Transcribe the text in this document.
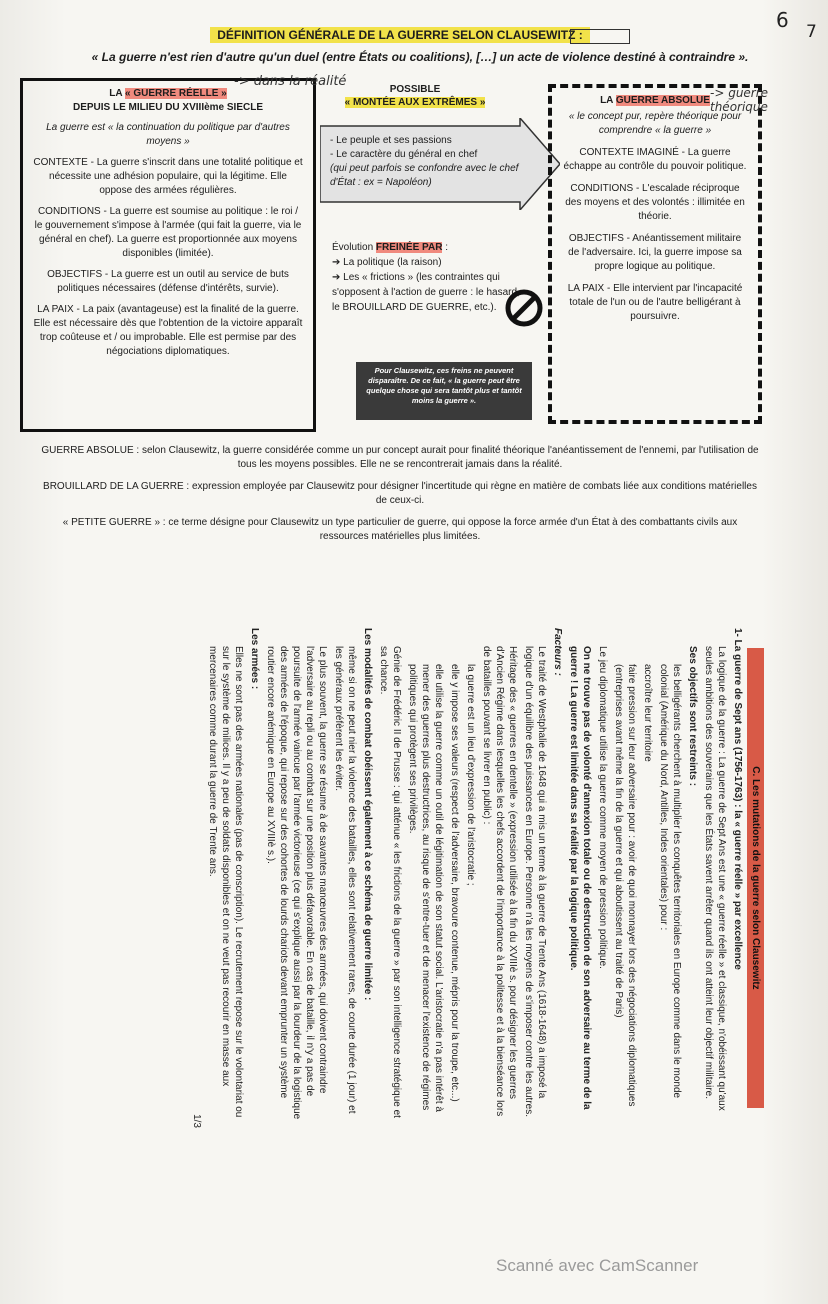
6 7
DÉFINITION GÉNÉRALE DE LA GUERRE SELON CLAUSEWITZ :
« La guerre n'est rien d'autre qu'un duel (entre États ou coalitions), […] un acte de violence destiné à contraindre ».

LA « GUERRE RÉELLE »
DEPUIS LE MILIEU DU XVIIIème SIECLE

La guerre est « la continuation du politique par d'autres moyens »

CONTEXTE - La guerre s'inscrit dans une totalité politique et nécessite une adhésion populaire, qui la légitime. Elle oppose des armées régulières.

CONDITIONS - La guerre est soumise au politique : le roi / le gouvernement s'impose à l'armée (qui fait la guerre, via le général en chef). La guerre est proportionnée aux moyens disponibles (limitée).

OBJECTIFS - La guerre est un outil au service de buts politiques nécessaires (défense d'intérêts, survie).

LA PAIX - La paix (avantageuse) est la finalité de la guerre. Elle est nécessaire dès que l'obtention de la victoire apparaît trop coûteuse et / ou improbable. Elle est permise par des négociations diplomatiques.

-> dans la réalité
POSSIBLE
« MONTÉE AUX EXTRÊMES »
- Le peuple et ses passions
- Le caractère du général en chef
(qui peut parfois se confondre avec le chef d'État : ex = Napoléon)
Évolution FREINÉE PAR :
➔ La politique (la raison)
➔ Les « frictions » (les contraintes qui s'opposent à l'action de guerre : le hasard, le BROUILLARD DE GUERRE, etc.).
Pour Clausewitz, ces freins ne peuvent disparaître. De ce fait, « la guerre peut être quelque chose qui sera tantôt plus et tantôt moins la guerre ».

LA GUERRE ABSOLUE

« le concept pur, repère théorique pour comprendre « la guerre »

CONTEXTE IMAGINÉ - La guerre échappe au contrôle du pouvoir politique.

CONDITIONS - L'escalade réciproque des moyens et des volontés : illimitée en théorie.

OBJECTIFS - Anéantissement militaire de l'adversaire. Ici, la guerre impose sa propre logique au politique.

LA PAIX - Elle intervient par l'incapacité totale de l'un ou de l'autre belligérant à poursuivre.

-> guerre théorique

GUERRE ABSOLUE : selon Clausewitz, la guerre considérée comme un pur concept aurait pour finalité théorique l'anéantissement de l'ennemi, par l'utilisation de tous les moyens possibles. Elle ne se rencontrerait jamais dans la réalité.

BROUILLARD DE LA GUERRE : expression employée par Clausewitz pour désigner l'incertitude qui règne en matière de combats liée aux conditions matérielles de ceux-ci.

« PETITE GUERRE » : ce terme désigne pour Clausewitz un type particulier de guerre, qui oppose la force armée d'un État à des combattants civils aux ressources matérielles plus limitées.

C. Les mutations de la guerre selon Clausewitz

1- La guerre de Sept ans (1756-1763) : la « guerre réelle » par excellence

La logique de la guerre : La guerre de Sept Ans est une « guerre réelle » et classique, n'obéissant qu'aux seules ambitions des souverains que les États savent arrêter quand ils ont atteint leur objectif militaire.

Ses objectifs sont restreints :

les belligérants cherchent à multiplier les conquêtes territoriales en Europe comme dans le monde colonial (Amérique du Nord, Antilles, Indes orientales) pour :

accroître leur territoire

faire pression sur leur adversaire pour : avoir de quoi monnayer lors des négociations diplomatiques (entreprises avant même la fin de la guerre et qui aboutissent au traité de Paris)

Le jeu diplomatique utilise la guerre comme moyen de pression politique.

On ne trouve pas de volonté d'annexion totale ou de destruction de son adversaire au terme de la guerre ! La guerre est limitée dans sa réalité par la logique politique.

Facteurs :

Le traité de Westphalie de 1648 qui a mis un terme à la guerre de Trente Ans (1618-1648) a imposé la logique d'un équilibre des puissances en Europe. Personne n'a les moyens de s'imposer contre les autres.

Héritage des « guerres en dentelle » (expression utilisée à la fin du XVIIIè s. pour désigner les guerres d'Ancien Régime dans lesquelles les chefs accordent de l'importance à la politesse et à la bienséance lors de batailles pouvant se livrer en public) :

la guerre est un lieu d'expression de l'aristocratie ;

elle y impose ses valeurs (respect de l'adversaire, bravoure contenue, mépris pour la troupe, etc...)

elle utilise la guerre comme un outil de légitimation de son statut social. L'aristocratie n'a pas intérêt à mener des guerres plus destructrices, au risque de s'entre-tuer et de menacer l'existence de régimes politiques qui protègent ses privilèges.

Génie de Frédéric II de Prusse : qui atténue « les frictions de la guerre » par son intelligence stratégique et sa chance.

Les modalités de combat obéissent également à ce schéma de guerre limitée :

même si on ne peut nier la violence des batailles, elles sont relativement rares, de courte durée (1 jour) et les généraux préfèrent les éviter.

Le plus souvent, la guerre se résume à de savantes manœuvres des armées, qui doivent contraindre l'adversaire au repli ou au combat sur une position plus défavorable. En cas de bataille, il n'y a pas de poursuite de l'armée vaincue par l'armée victorieuse (ce qui s'explique aussi par la lourdeur de la logistique des armées de l'époque, qui repose sur des cohortes de lourds chariots devant emprunter un système routier encore anémique en Europe au XVIIIè s.).

Les armées :

Elles ne sont pas des armées nationales (pas de conscription). Le recrutement repose sur le volontariat ou sur le système de milices. Il y a peu de soldats disponibles et on ne veut pas recourir en masse aux mercenaires comme durant la guerre de Trente ans.

1/3

Scanné avec CamScanner
